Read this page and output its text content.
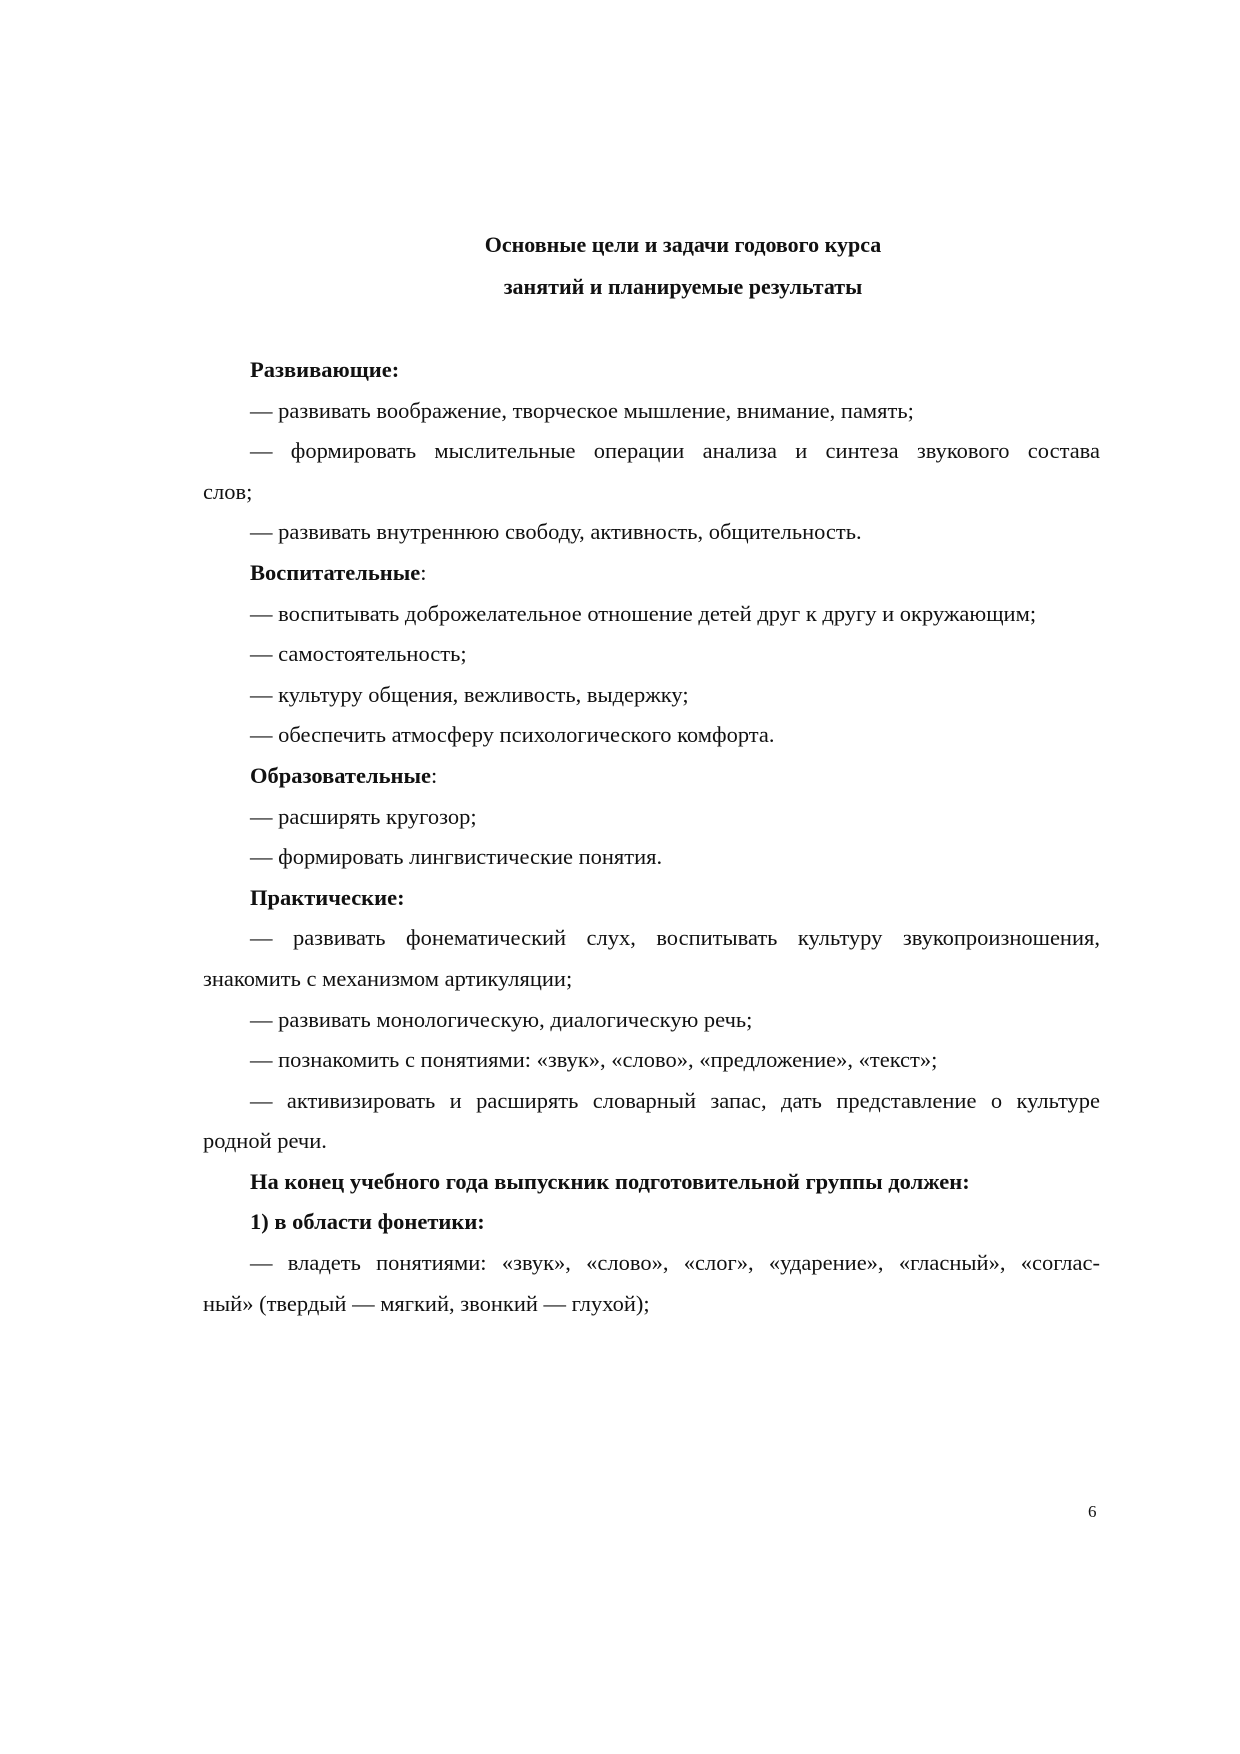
Основные цели и задачи годового курса
занятий и планируемые результаты

Развивающие:

— развивать воображение, творческое мышление, внимание, память;

— формировать мыслительные операции анализа и синтеза звукового состава
слов;

— развивать внутреннюю свободу, активность, общительность.

Воспитательные:

— воспитывать доброжелательное отношение детей друг к другу и окружающим;

— самостоятельность;

— культуру общения, вежливость, выдержку;

— обеспечить атмосферу психологического комфорта.

Образовательные:

— расширять кругозор;

— формировать лингвистические понятия.

Практические:

— развивать фонематический слух, воспитывать культуру звукопроизношения,
знакомить с механизмом артикуляции;

— развивать монологическую, диалогическую речь;

— познакомить с понятиями: «звук», «слово», «предложение», «текст»;

— активизировать и расширять словарный запас, дать представление о культуре
родной речи.

На конец учебного года выпускник подготовительной группы должен:

1) в области фонетики:

— владеть понятиями: «звук», «слово», «слог», «ударение», «гласный», «соглас-
ный» (твердый — мягкий, звонкий — глухой);

6
